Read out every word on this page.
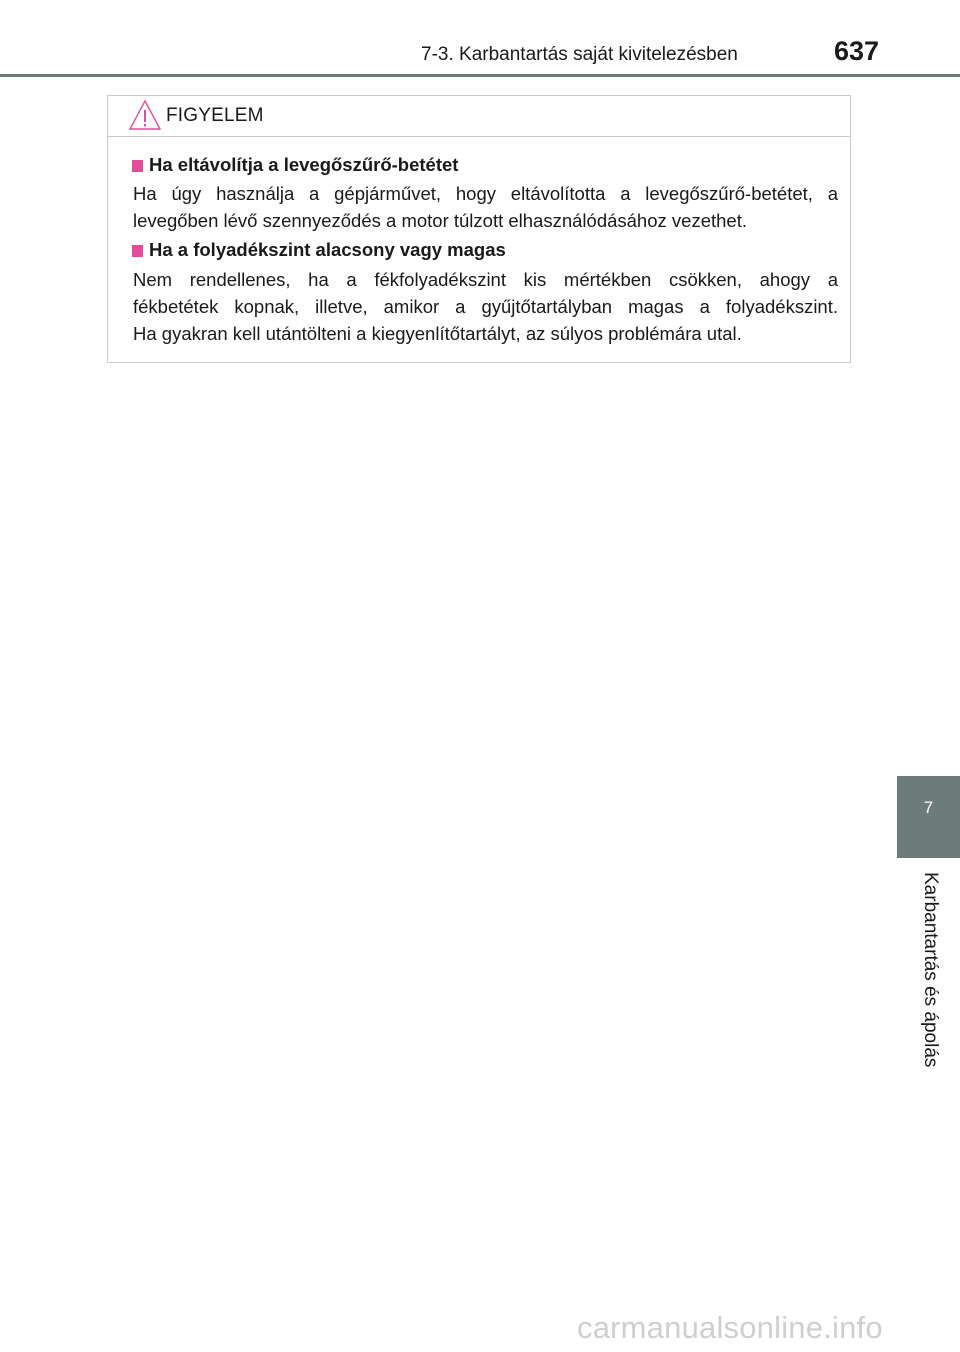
7-3. Karbantartás saját kivitelezésben	637
FIGYELEM
Ha eltávolítja a levegőszűrő-betétet
Ha úgy használja a gépjárművet, hogy eltávolította a levegőszűrő-betétet, a
levegőben lévő szennyeződés a motor túlzott elhasználódásához vezethet.
Ha a folyadékszint alacsony vagy magas
Nem rendellenes, ha a fékfolyadékszint kis mértékben csökken, ahogy a
fékbetétek kopnak, illetve, amikor a gyűjtőtartályban magas a folyadékszint.
Ha gyakran kell utántölteni a kiegyenlítőtartályt, az súlyos problémára utal.
7
Karbantartás és ápolás
carmanualsonline.info
